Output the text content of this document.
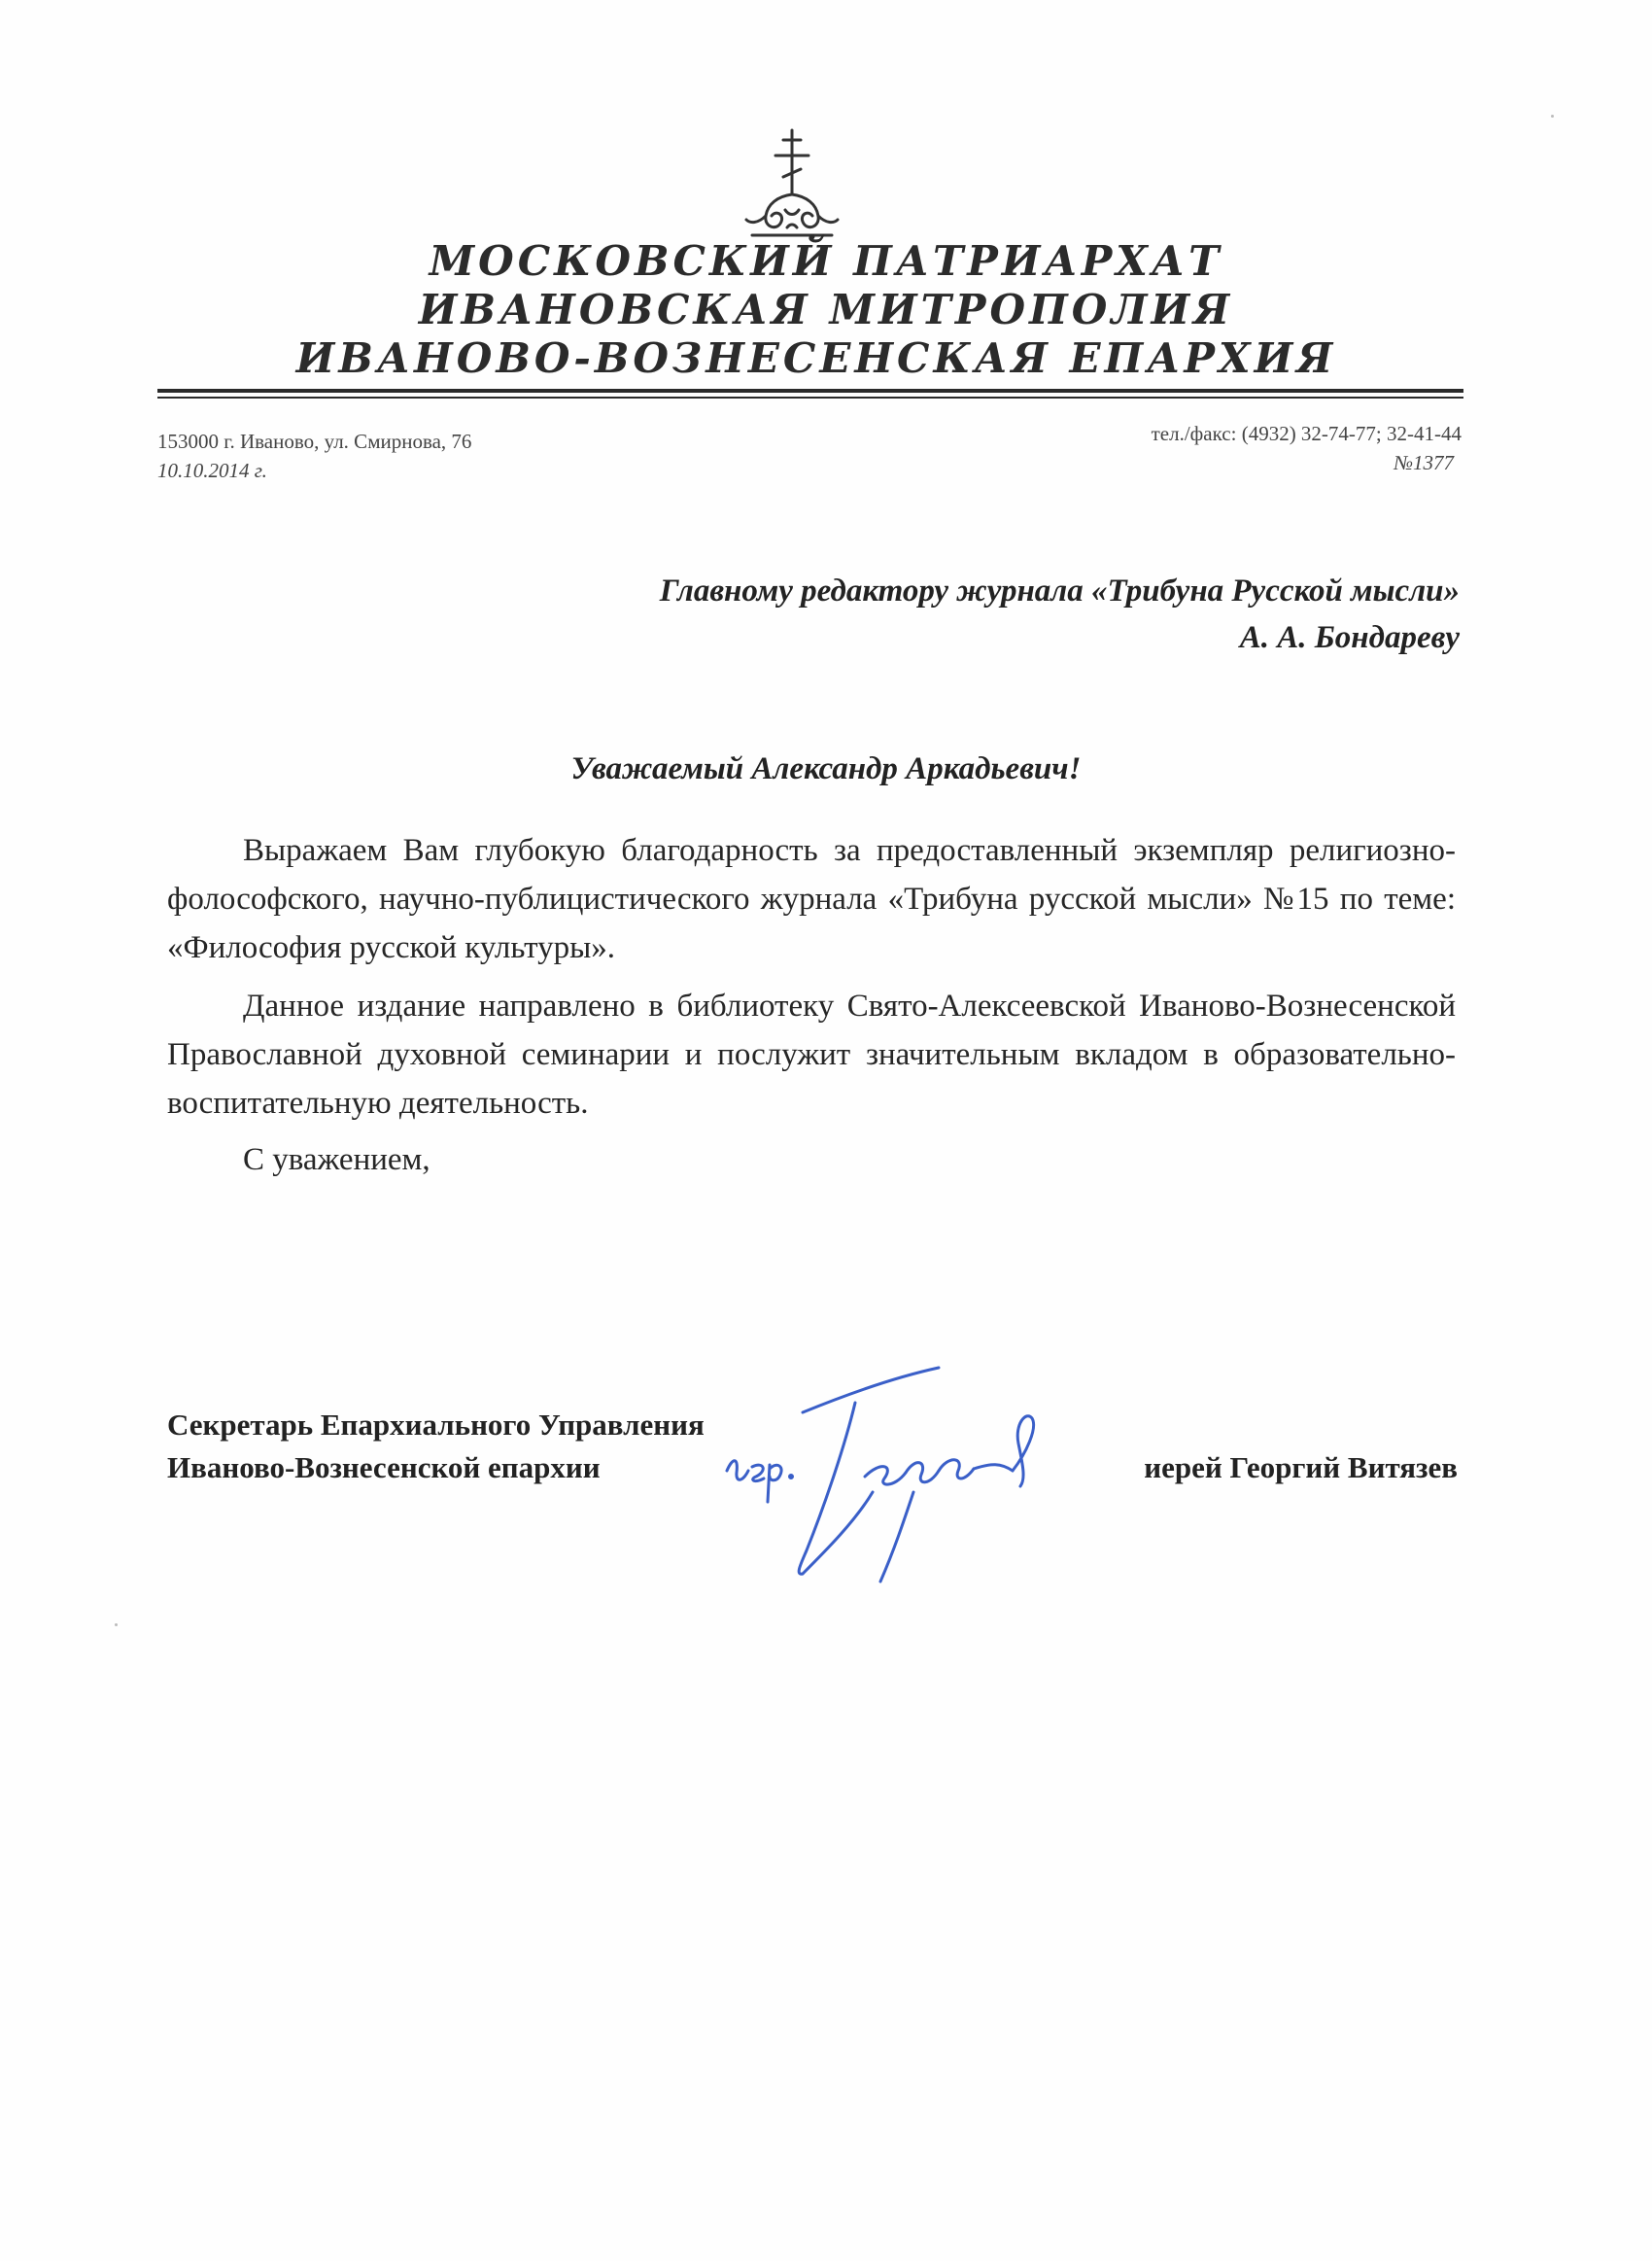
МОСКОВСКИЙ ПАТРИАРХАТ
ИВАНОВСКАЯ МИТРОПОЛИЯ
ИВАНОВО-ВОЗНЕСЕНСКАЯ ЕПАРХИЯ
153000 г. Иваново, ул. Смирнова, 76
10.10.2014 г.
тел./факс: (4932) 32-74-77; 32-41-44
№1377
Главному редактору журнала «Трибуна Русской мысли»
А. А. Бондареву
Уважаемый Александр Аркадьевич!

Выражаем Вам глубокую благодарность за предоставленный экземпляр религиозно-фолософского, научно-публицистического журнала «Трибуна русской мысли» №15 по теме: «Философия русской культуры».

Данное издание направлено в библиотеку Свято-Алексеевской Иваново-Вознесенской Православной духовной семинарии и послужит значительным вкладом в образовательно-воспитательную деятельность.

С уважением,

Секретарь Епархиального Управления
Иваново-Вознесенской епархии	иерей Георгий Витязев
